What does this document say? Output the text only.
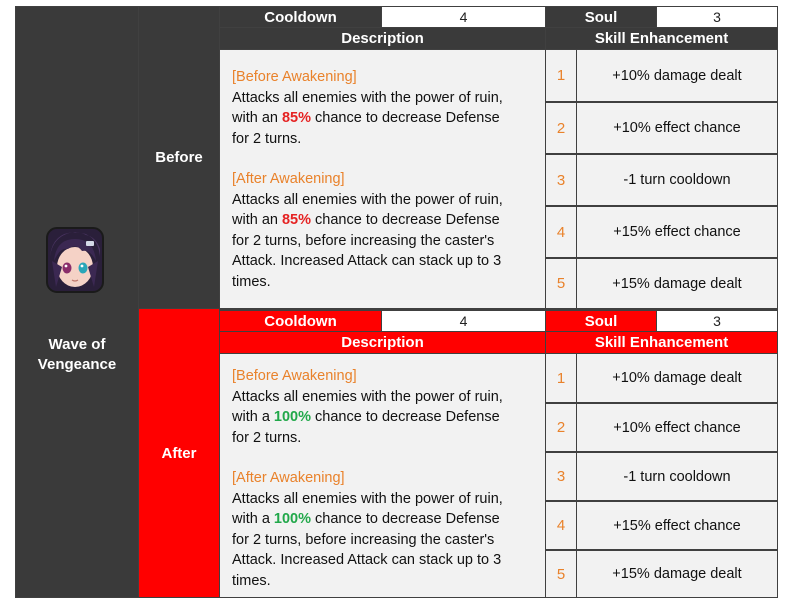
Wave of
Vengeance
Before
Cooldown	4	Soul	3
Description	Skill Enhancement

[Before Awakening]

Attacks all enemies with the power of ruin,

with an 85% chance to decrease Defense

for 2 turns.

[After Awakening]

Attacks all enemies with the power of ruin,

with an 85% chance to decrease Defense

for 2 turns, before increasing the caster's

Attack. Increased Attack can stack up to 3

times.

1	+10% damage dealt
2	+10% effect chance
3	-1 turn cooldown
4	+15% effect chance
5	+15% damage dealt
After
Cooldown	4	Soul	3
Description	Skill Enhancement

[Before Awakening]

Attacks all enemies with the power of ruin,

with a 100% chance to decrease Defense

for 2 turns.

[After Awakening]

Attacks all enemies with the power of ruin,

with a 100% chance to decrease Defense

for 2 turns, before increasing the caster's

Attack. Increased Attack can stack up to 3

times.

1	+10% damage dealt
2	+10% effect chance
3	-1 turn cooldown
4	+15% effect chance
5	+15% damage dealt
